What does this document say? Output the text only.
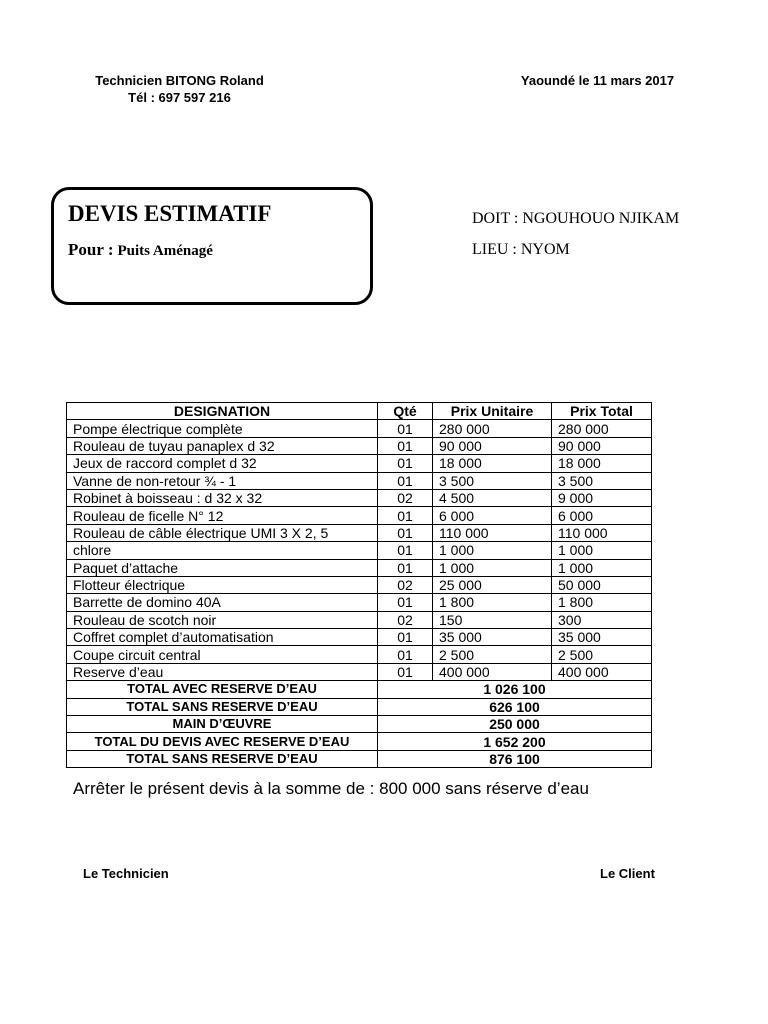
Technicien BITONG Roland
Tél : 697 597 216
Yaoundé le 11 mars 2017
DEVIS ESTIMATIF
Pour : Puits Aménagé
DOIT : NGOUHOUO NJIKAM
LIEU : NYOM
DESIGNATION	Qté	Prix Unitaire	Prix Total
Pompe électrique complète	01	280 000	280 000
Rouleau de tuyau panaplex d 32	01	90 000	90 000
Jeux de raccord complet d 32	01	18 000	18 000
Vanne de non-retour ¾ - 1	01	3 500	3 500
Robinet à boisseau : d 32 x 32	02	4 500	9 000
Rouleau de ficelle N° 12	01	6 000	6 000
Rouleau de câble électrique UMI 3 X 2, 5	01	110 000	110 000
chlore	01	1 000	1 000
Paquet d’attache	01	1 000	1 000
Flotteur électrique	02	25 000	50 000
Barrette de domino 40A	01	1 800	1 800
Rouleau de scotch noir	02	150	300
Coffret complet d’automatisation	01	35 000	35 000
Coupe circuit central	01	2 500	2 500
Reserve d’eau	01	400 000	400 000
TOTAL AVEC RESERVE D’EAU	1 026 100		
TOTAL SANS RESERVE D’EAU	626 100		
MAIN D’ŒUVRE	250 000		
TOTAL DU DEVIS AVEC RESERVE D’EAU	1 652 200		
TOTAL SANS RESERVE D’EAU	876 100		
Arrêter le présent devis à la somme de : 800 000 sans réserve d’eau
Le Technicien	Le Client
